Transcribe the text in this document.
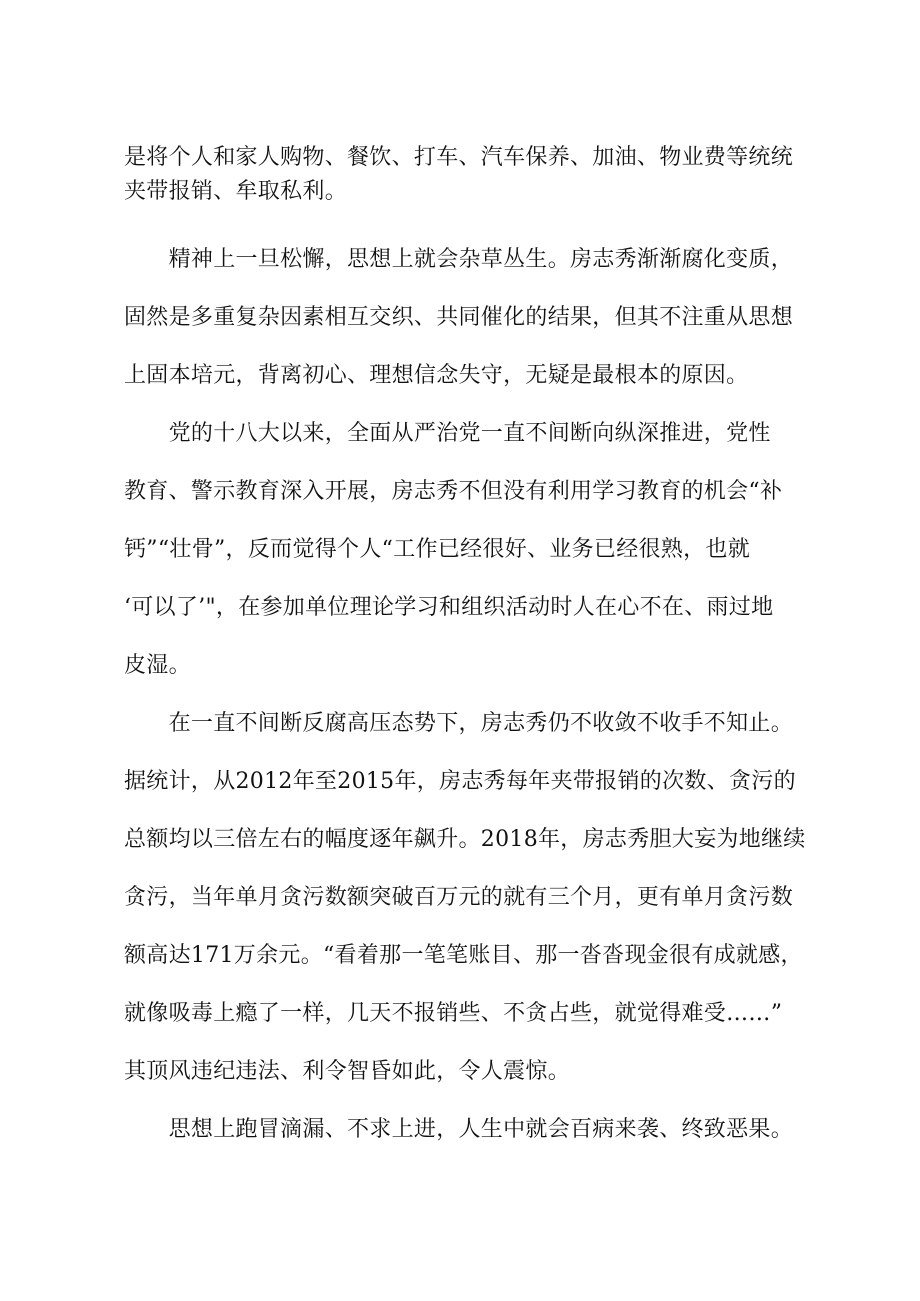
是将个人和家人购物、餐饮、打车、汽车保养、加油、物业费等统统
夹带报销、牟取私利。
　　精神上一旦松懈，思想上就会杂草丛生。房志秀渐渐腐化变质，
固然是多重复杂因素相互交织、共同催化的结果，但其不注重从思想
上固本培元，背离初心、理想信念失守，无疑是最根本的原因。
　　党的十八大以来，全面从严治党一直不间断向纵深推进，党性
教育、警示教育深入开展，房志秀不但没有利用学习教育的机会“补
钙”“壮骨”，反而觉得个人“工作已经很好、业务已经很熟，也就
‘可以了’"，在参加单位理论学习和组织活动时人在心不在、雨过地
皮湿。
　　在一直不间断反腐高压态势下，房志秀仍不收敛不收手不知止。
据统计，从2012年至2015年，房志秀每年夹带报销的次数、贪污的
总额均以三倍左右的幅度逐年飙升。2018年，房志秀胆大妄为地继续
贪污，当年单月贪污数额突破百万元的就有三个月，更有单月贪污数
额高达171万余元。“看着那一笔笔账目、那一沓沓现金很有成就感，
就像吸毒上瘾了一样，几天不报销些、不贪占些，就觉得难受……”
其顶风违纪违法、利令智昏如此，令人震惊。
　　思想上跑冒滴漏、不求上进，人生中就会百病来袭、终致恶果。
